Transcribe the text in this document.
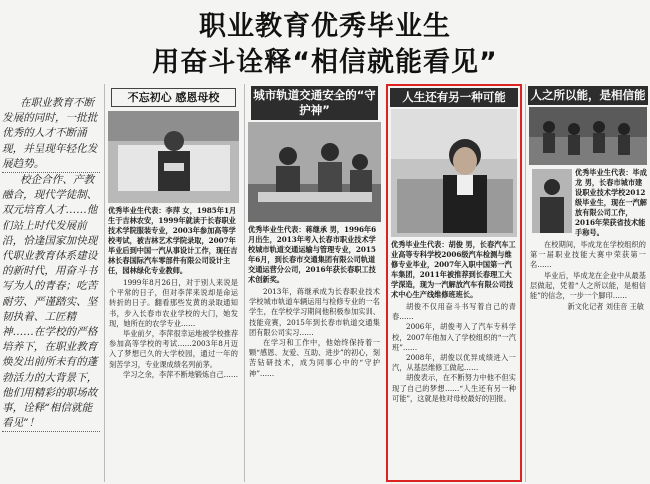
职业教育优秀毕业生
用奋斗诠释“相信就能看见”

在职业教育不断发展的同时，一批批优秀的人才不断涌现，并呈现年轻化发展趋势。

校企合作、产教融合，现代学徒制、双元培育人才……他们站上时代发展前沿，恰逢国家加快现代职业教育体系建设的新时代，用奋斗书写为人的青春；吃苦耐劳、严谨踏实、坚韧执着、工匠精神……在学校的严格培养下，在职业教育焕发出前所未有的蓬勃活力的大背景下，他们用精彩的职场故事，诠释“相信就能看见”！

不忘初心 感恩母校
优秀毕业生代表：李萍 女，1985年1月生于吉林农安，1999年就读于长春职业技术学院服装专业，2003年参加高等学校考试，被吉林艺术学院录取，2007年毕业后到中国一汽从事设计工作，现任吉林长春国际汽车零部件有限公司设计主任，园林绿化专业教师。

1999年8月26日，对于别人来说是个平常的日子，但对李萍来说却是命运转折的日子。翻看那些发黄的录取通知书，步入长春市农业学校的大门，她发现，她所在的农学专业……

毕业前夕，李萍很幸运地被学校推荐参加高等学校的考试……2003年8月迈入了梦想已久的大学校园，通过一年的刻苦学习，专业课成绩名列前茅。

学习之余，李萍不断地锻炼自己……

城市轨道交通安全的“守护神”
优秀毕业生代表：蒋继承 男，1996年6月出生，2013年考入长春市职业技术学校城市轨道交通运输与管理专业，2015年6月，到长春市交通集团有限公司轨道交通运营分公司，2016年获长春职工技术创新奖。

2013年，蒋继承成为长春职业技术学校城市轨道车辆运用与检修专业的一名学生，在学校学习期间他积极参加实训、技能竞赛，2015年到长春市轨道交通集团有限公司实习……

在学习和工作中，他始终保持着一颗“感恩、友爱、互助、进步”的初心，刻苦钻研技术，成为同事心中的“守护神”……

人生还有另一种可能
优秀毕业生代表：胡俊 男，长春汽车工业高等专科学校2006级汽车检测与维修专业毕业，2007年入职中国第一汽车集团，2011年被推荐到长春理工大学深造，现为一汽解放汽车有限公司技术中心生产线维修班班长。

胡俊不仅用奋斗书写着自己的青春……

2006年，胡俊考入了汽车专科学校，2007年他加入了学校组织的“一汽班”……

2008年，胡俊以优异成绩进入一汽，从基层维修工做起……

胡俊表示，在不断努力中他不但实现了自己的梦想……“人生还有另一种可能”，这就是他对母校最好的回报。

人之所以能，是相信能
优秀毕业生代表：毕成龙 男，长春市城市建设职业技术学校2012级毕业生，现在一汽解放有限公司工作，2016年荣获省技术能手称号。

在校期间，毕成龙在学校组织的第一届职业技能大赛中荣获第一名……

毕业后，毕成龙在企业中从最基层做起，凭着“人之所以能，是相信能”的信念，一步一个脚印……

新文化记者 刘佳音 王敏
